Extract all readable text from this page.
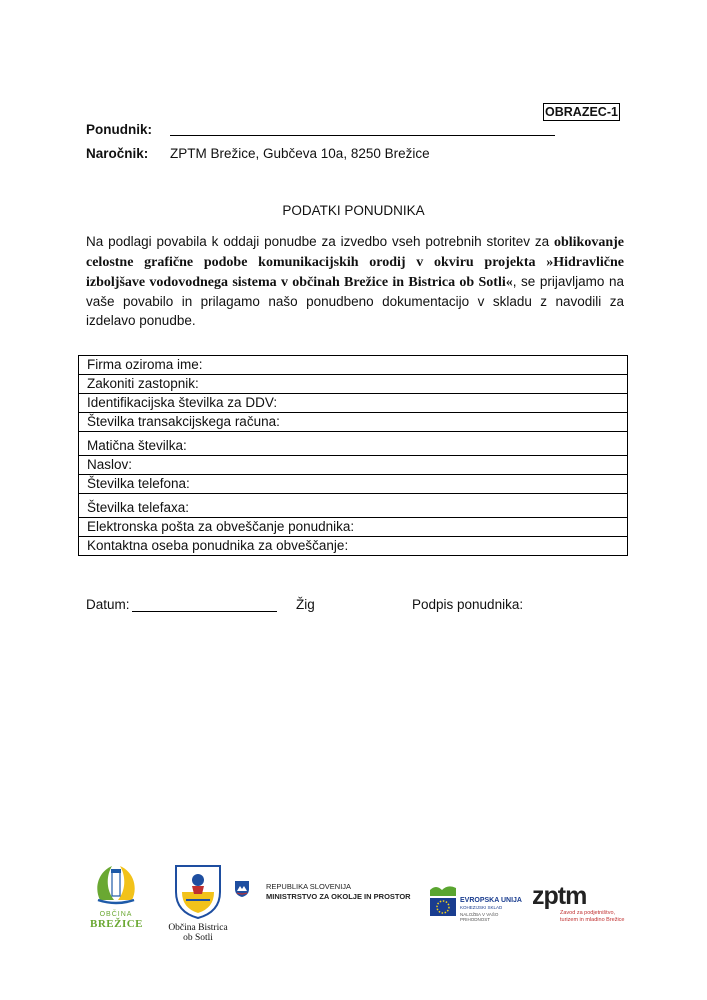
OBRAZEC-1
Ponudnik:
Naročnik: ZPTM Brežice, Gubčeva 10a, 8250 Brežice
PODATKI PONUDNIKA

Na podlagi povabila k oddaji ponudbe za izvedbo vseh potrebnih storitev za oblikovanje celostne grafične podobe komunikacijskih orodij v okviru projekta »Hidravlične izboljšave vodovodnega sistema v občinah Brežice in Bistrica ob Sotli«, se prijavljamo na vaše povabilo in prilagamo našo ponudbeno dokumentacijo v skladu z navodili za izdelavo ponudbe.

Firma oziroma ime:
Zakoniti zastopnik:
Identifikacijska številka za DDV:
Številka transakcijskega računa:
Matična številka:
Naslov:
Številka telefona:
Številka telefaxa:
Elektronska pošta za obveščanje ponudnika:
Kontaktna oseba ponudnika za obveščanje:
Datum:	Žig	Podpis ponudnika:
OBČINA
BREŽICE	Občina Bistrica
ob Sotli
REPUBLIKA SLOVENIJA
MINISTRSTVO ZA OKOLJE IN PROSTOR	EVROPSKA UNIJA
KOHEZIJSKI SKLAD
NALOŽBA V VAŠO PRIHODNOST
zptm
Zavod za podjetništvo,
turizem in mladino Brežice
